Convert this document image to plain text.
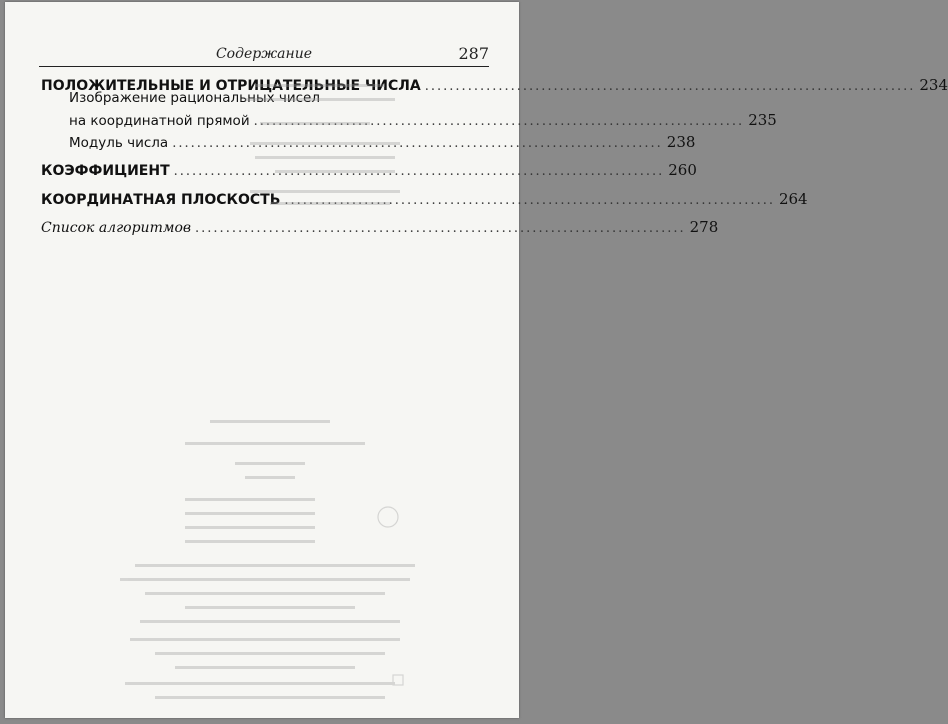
Содержание	287
ПОЛОЖИТЕЛЬНЫЕ И ОТРИЦАТЕЛЬНЫЕ ЧИСЛА ................................................................................ 234
Изображение рациональных чисел
на координатной прямой ................................................................................ 235
Модуль числа ................................................................................ 238
КОЭФФИЦИЕНТ ................................................................................ 260
КООРДИНАТНАЯ ПЛОСКОСТЬ ................................................................................ 264
Список алгоритмов ................................................................................ 278
